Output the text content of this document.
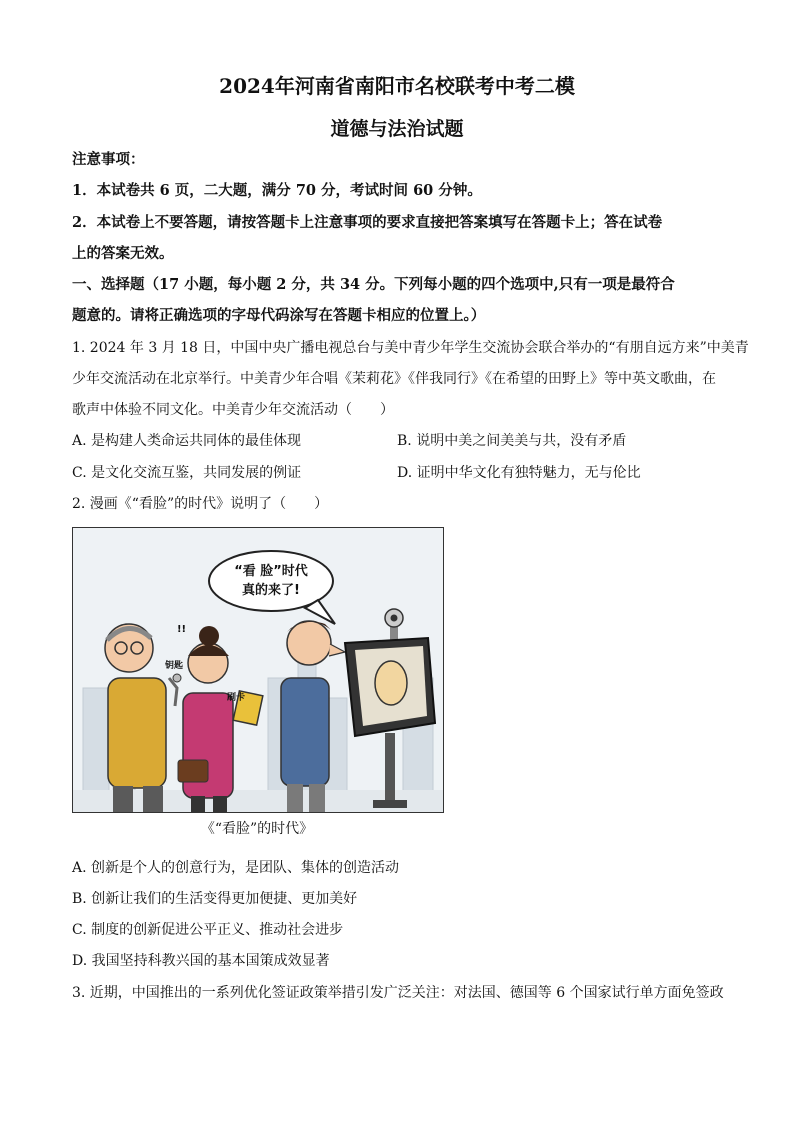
2024年河南省南阳市名校联考中考二模
道德与法治试题
注意事项：
1．本试卷共 6 页，二大题，满分 70 分，考试时间 60 分钟。
2．本试卷上不要答题，请按答题卡上注意事项的要求直接把答案填写在答题卡上；答在试卷
上的答案无效。
一、选择题（17 小题，每小题 2 分，共 34 分。下列每小题的四个选项中,只有一项是最符合
题意的。请将正确选项的字母代码涂写在答题卡相应的位置上。）
1. 2024 年 3 月 18 日，中国中央广播电视总台与美中青少年学生交流协会联合举办的“有朋自远方来”中美青
少年交流活动在北京举行。中美青少年合唱《茉莉花》《伴我同行》《在希望的田野上》等中英文歌曲，在
歌声中体验不同文化。中美青少年交流活动（　　）
A. 是构建人类命运共同体的最佳体现	B. 说明中美之间美美与共，没有矛盾
C. 是文化交流互鉴，共同发展的例证	D. 证明中华文化有独特魅力，无与伦比
2. 漫画《“看脸”的时代》说明了（　　）
“看 脸”时代
真的来了!
钥匙
!!
刷卡
《“看脸”的时代》
A. 创新是个人的创意行为，是团队、集体的创造活动
B. 创新让我们的生活变得更加便捷、更加美好
C. 制度的创新促进公平正义、推动社会进步
D. 我国坚持科教兴国的基本国策成效显著
3. 近期，中国推出的一系列优化签证政策举措引发广泛关注：对法国、德国等 6 个国家试行单方面免签政
